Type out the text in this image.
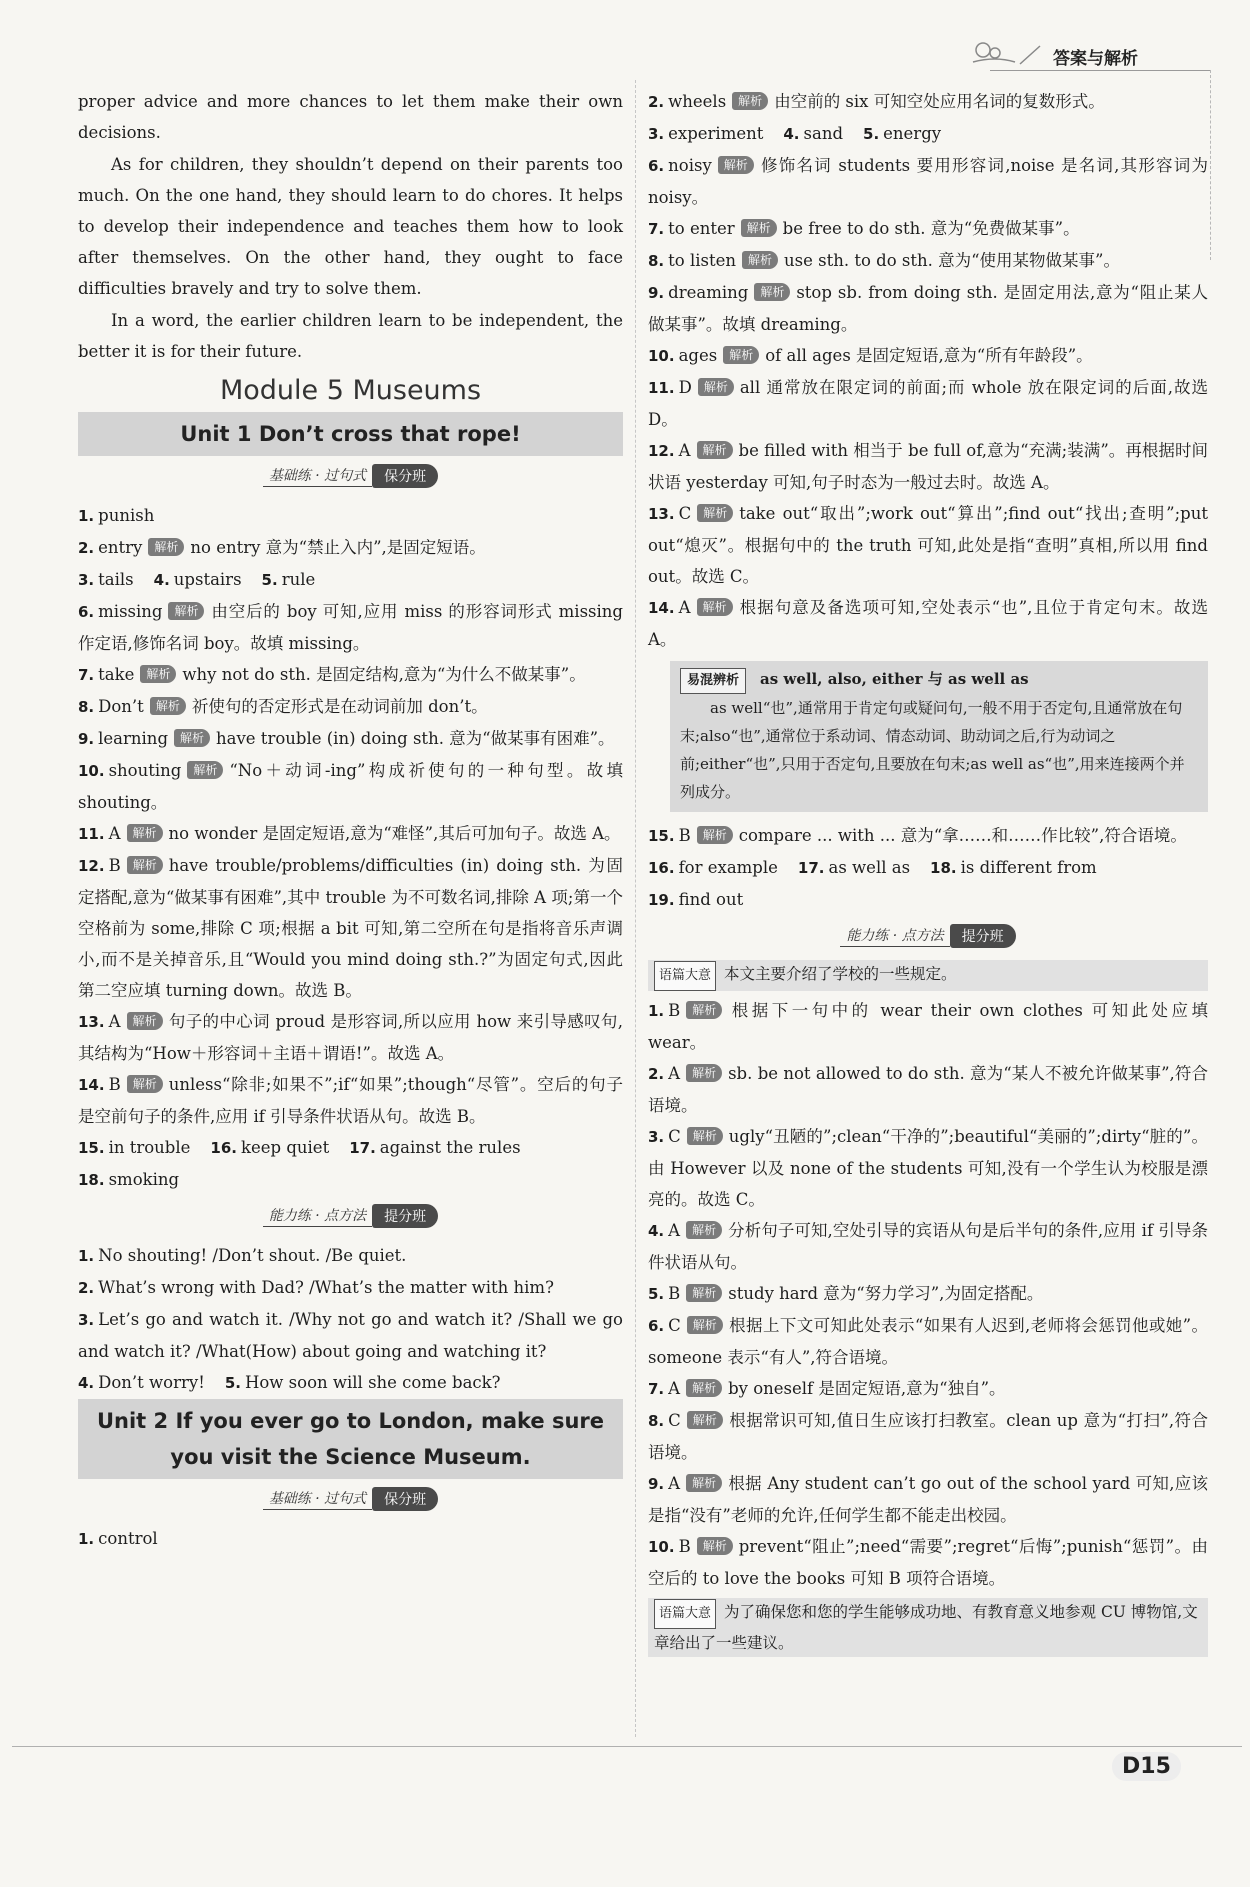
答案与解析

proper advice and more chances to let them make their own decisions.

As for children, they shouldn’t depend on their parents too much. On the one hand, they should learn to do chores. It helps to develop their independence and teaches them how to look after themselves. On the other hand, they ought to face difficulties bravely and try to solve them.

In a word, the earlier children learn to be independent, the better it is for their future.

Module 5 Museums
Unit 1 Don’t cross that rope!
基础练 · 过句式 保分班

1. punish

2. entry 解析 no entry 意为“禁止入内”,是固定短语。

3. tails 4. upstairs 5. rule

6. missing 解析 由空后的 boy 可知,应用 miss 的形容词形式 missing 作定语,修饰名词 boy。故填 missing。

7. take 解析 why not do sth. 是固定结构,意为“为什么不做某事”。

8. Don’t 解析 祈使句的否定形式是在动词前加 don’t。

9. learning 解析 have trouble (in) doing sth. 意为“做某事有困难”。

10. shouting 解析 “No＋动词-ing”构成祈使句的一种句型。故填 shouting。

11. A 解析 no wonder 是固定短语,意为“难怪”,其后可加句子。故选 A。

12. B 解析 have trouble/problems/difficulties (in) doing sth. 为固定搭配,意为“做某事有困难”,其中 trouble 为不可数名词,排除 A 项;第一个空格前为 some,排除 C 项;根据 a bit 可知,第二空所在句是指将音乐声调小,而不是关掉音乐,且“Would you mind doing sth.?”为固定句式,因此第二空应填 turning down。故选 B。

13. A 解析 句子的中心词 proud 是形容词,所以应用 how 来引导感叹句,其结构为“How＋形容词＋主语＋谓语!”。故选 A。

14. B 解析 unless“除非;如果不”;if“如果”;though“尽管”。空后的句子是空前句子的条件,应用 if 引导条件状语从句。故选 B。

15. in trouble 16. keep quiet 17. against the rules

18. smoking

能力练 · 点方法 提分班

1. No shouting! /Don’t shout. /Be quiet.

2. What’s wrong with Dad? /What’s the matter with him?

3. Let’s go and watch it. /Why not go and watch it? /Shall we go and watch it? /What(How) about going and watching it?

4. Don’t worry! 5. How soon will she come back?

Unit 2 If you ever go to London, make sure
you visit the Science Museum.
基础练 · 过句式 保分班

1. control

2. wheels 解析 由空前的 six 可知空处应用名词的复数形式。

3. experiment 4. sand 5. energy

6. noisy 解析 修饰名词 students 要用形容词,noise 是名词,其形容词为 noisy。

7. to enter 解析 be free to do sth. 意为“免费做某事”。

8. to listen 解析 use sth. to do sth. 意为“使用某物做某事”。

9. dreaming 解析 stop sb. from doing sth. 是固定用法,意为“阻止某人做某事”。故填 dreaming。

10. ages 解析 of all ages 是固定短语,意为“所有年龄段”。

11. D 解析 all 通常放在限定词的前面;而 whole 放在限定词的后面,故选 D。

12. A 解析 be filled with 相当于 be full of,意为“充满;装满”。再根据时间状语 yesterday 可知,句子时态为一般过去时。故选 A。

13. C 解析 take out“取出”;work out“算出”;find out“找出;查明”;put out“熄灭”。根据句中的 the truth 可知,此处是指“查明”真相,所以用 find out。故选 C。

14. A 解析 根据句意及备选项可知,空处表示“也”,且位于肯定句末。故选 A。

易混辨析 as well, also, either 与 as well as
as well“也”,通常用于肯定句或疑问句,一般不用于否定句,且通常放在句末;also“也”,通常位于系动词、情态动词、助动词之后,行为动词之前;either“也”,只用于否定句,且要放在句末;as well as“也”,用来连接两个并列成分。

15. B 解析 compare ... with ... 意为“拿……和……作比较”,符合语境。

16. for example 17. as well as 18. is different from

19. find out

能力练 · 点方法 提分班

语篇大意 本文主要介绍了学校的一些规定。

1. B 解析 根据下一句中的 wear their own clothes 可知此处应填 wear。

2. A 解析 sb. be not allowed to do sth. 意为“某人不被允许做某事”,符合语境。

3. C 解析 ugly“丑陋的”;clean“干净的”;beautiful“美丽的”;dirty“脏的”。由 However 以及 none of the students 可知,没有一个学生认为校服是漂亮的。故选 C。

4. A 解析 分析句子可知,空处引导的宾语从句是后半句的条件,应用 if 引导条件状语从句。

5. B 解析 study hard 意为“努力学习”,为固定搭配。

6. C 解析 根据上下文可知此处表示“如果有人迟到,老师将会惩罚他或她”。someone 表示“有人”,符合语境。

7. A 解析 by oneself 是固定短语,意为“独自”。

8. C 解析 根据常识可知,值日生应该打扫教室。clean up 意为“打扫”,符合语境。

9. A 解析 根据 Any student can’t go out of the school yard 可知,应该是指“没有”老师的允许,任何学生都不能走出校园。

10. B 解析 prevent“阻止”;need“需要”;regret“后悔”;punish“惩罚”。由空后的 to love the books 可知 B 项符合语境。

语篇大意 为了确保您和您的学生能够成功地、有教育意义地参观 CU 博物馆,文章给出了一些建议。

D15
